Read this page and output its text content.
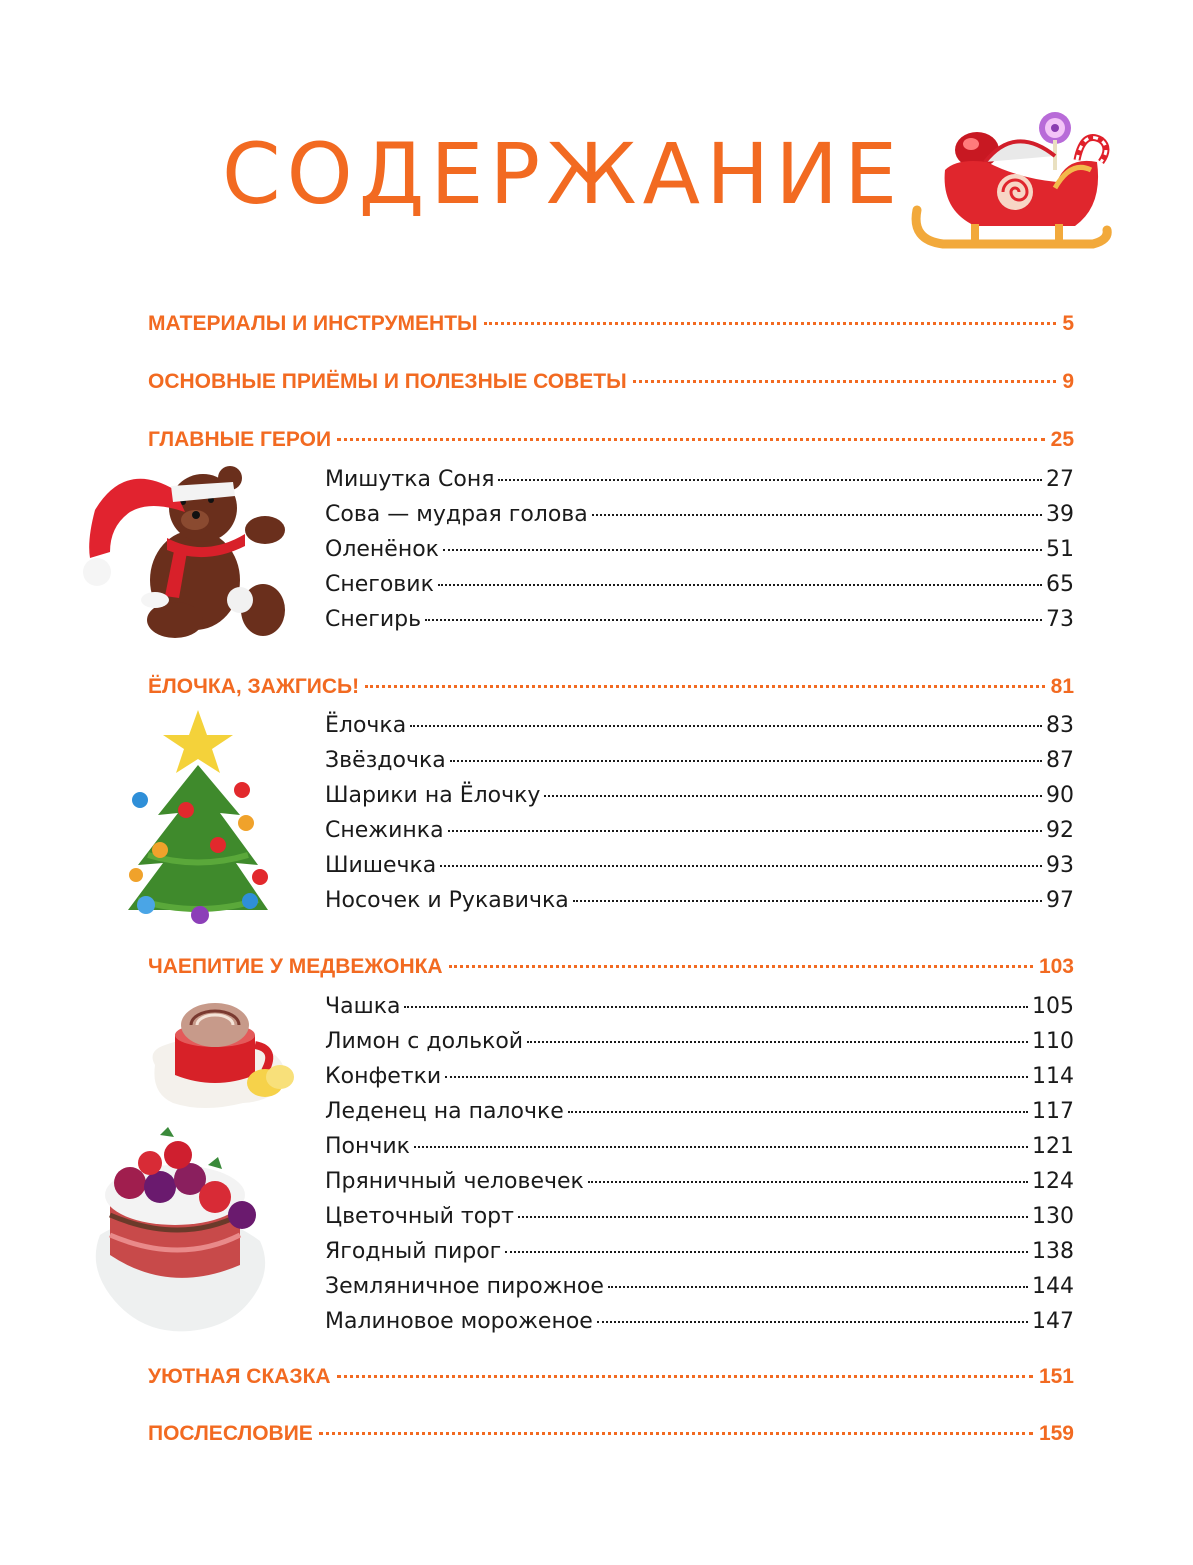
СОДЕРЖАНИЕ
МАТЕРИАЛЫ И ИНСТРУМЕНТЫ	5
ОСНОВНЫЕ ПРИЁМЫ И ПОЛЕЗНЫЕ СОВЕТЫ	9
ГЛАВНЫЕ ГЕРОИ	25
Мишутка Соня	27
Сова — мудрая голова	39
Оленёнок	51
Снеговик	65
Снегирь	73
ЁЛОЧКА, ЗАЖГИСЬ!	81
Ёлочка	83
Звёздочка	87
Шарики на Ёлочку	90
Снежинка	92
Шишечка	93
Носочек и Рукавичка	97
ЧАЕПИТИЕ У МЕДВЕЖОНКА	103
Чашка	105
Лимон с долькой	110
Конфетки	114
Леденец на палочке	117
Пончик	121
Пряничный человечек	124
Цветочный торт	130
Ягодный пирог	138
Земляничное пирожное	144
Малиновое мороженое	147
УЮТНАЯ СКАЗКА	151
ПОСЛЕСЛОВИЕ	159
